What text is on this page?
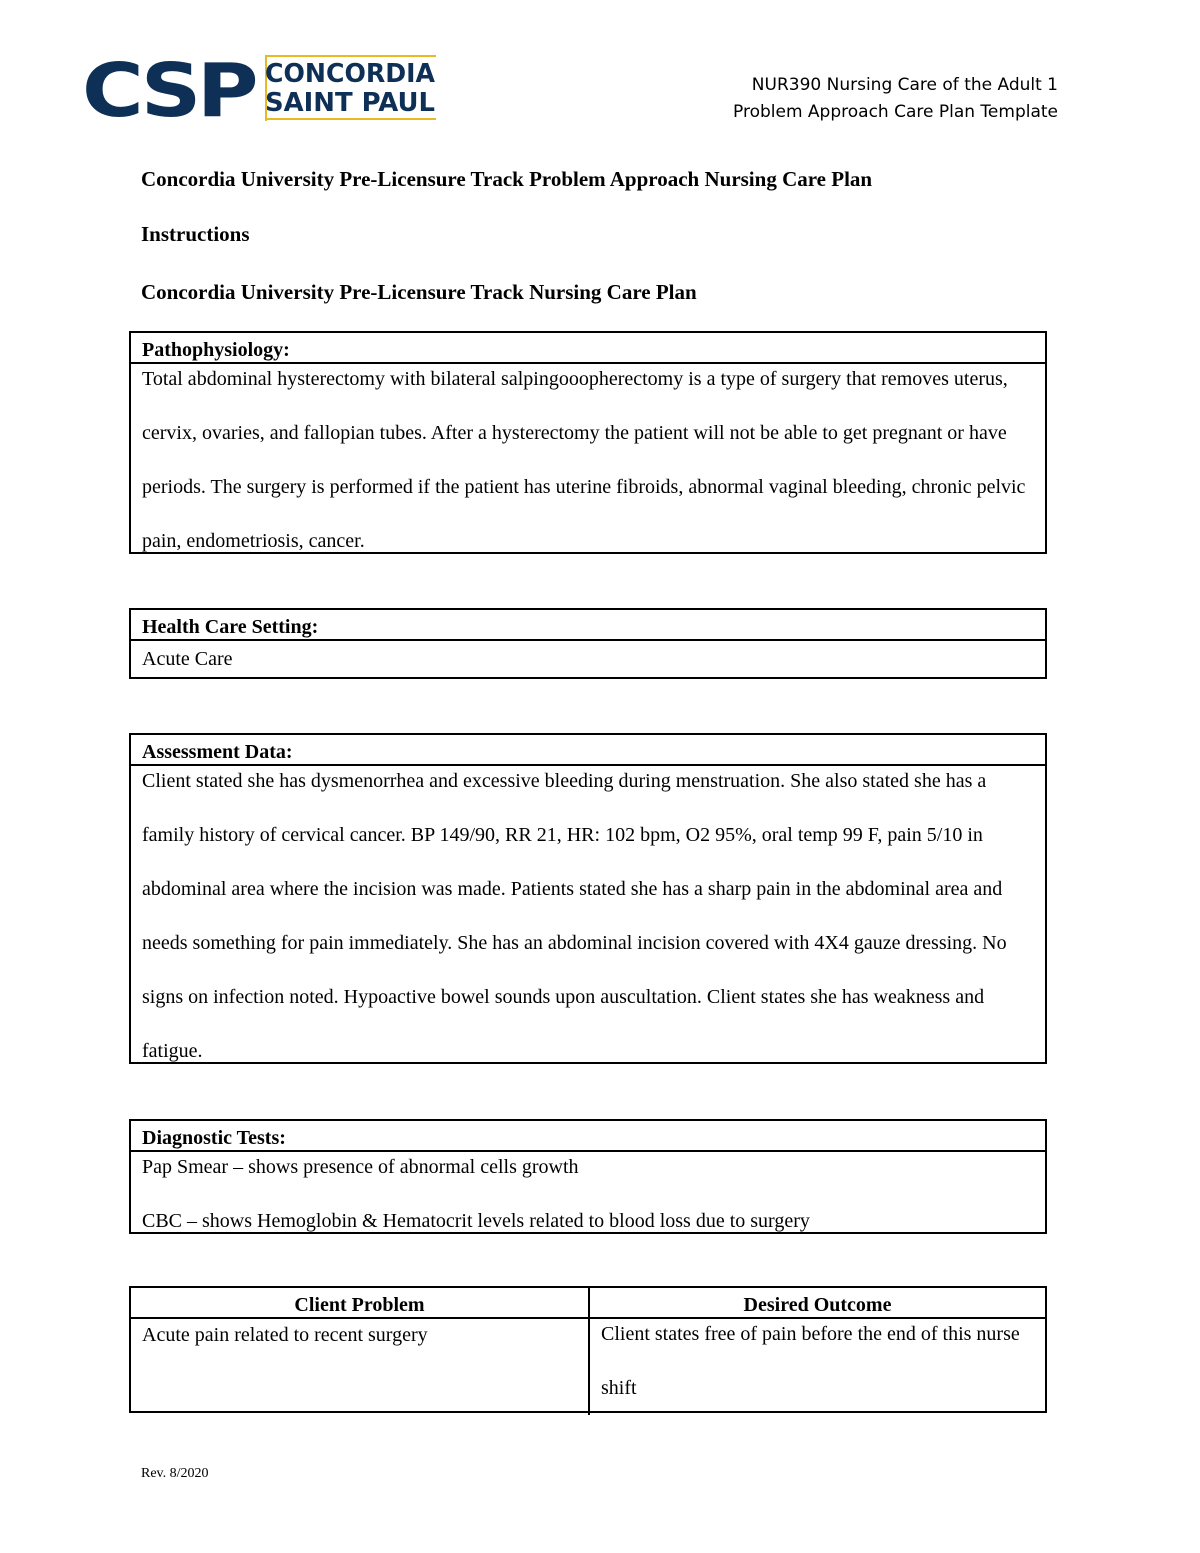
CSP CONCORDIA
SAINT PAUL
NUR390 Nursing Care of the Adult 1
Problem Approach Care Plan Template
Concordia University Pre-Licensure Track Problem Approach Nursing Care Plan
Instructions
Concordia University Pre-Licensure Track Nursing Care Plan
Pathophysiology:
Total abdominal hysterectomy with bilateral salpingooopherectomy is a type of surgery that removes uterus, cervix, ovaries, and fallopian tubes. After a hysterectomy the patient will not be able to get pregnant or have periods. The surgery is performed if the patient has uterine fibroids, abnormal vaginal bleeding, chronic pelvic pain, endometriosis, cancer.
Health Care Setting:
Acute Care
Assessment Data:
Client stated she has dysmenorrhea and excessive bleeding during menstruation. She also stated she has a family history of cervical cancer. BP 149/90, RR 21, HR: 102 bpm, O2 95%, oral temp 99 F, pain 5/10 in abdominal area where the incision was made. Patients stated she has a sharp pain in the abdominal area and needs something for pain immediately. She has an abdominal incision covered with 4X4 gauze dressing. No signs on infection noted. Hypoactive bowel sounds upon auscultation. Client states she has weakness and fatigue.
Diagnostic Tests:

Pap Smear – shows presence of abnormal cells growth

CBC – shows Hemoglobin & Hematocrit levels related to blood loss due to surgery

Client Problem	Desired Outcome
Acute pain related to recent surgery	Client states free of pain before the end of this nurse shift
Rev. 8/2020
